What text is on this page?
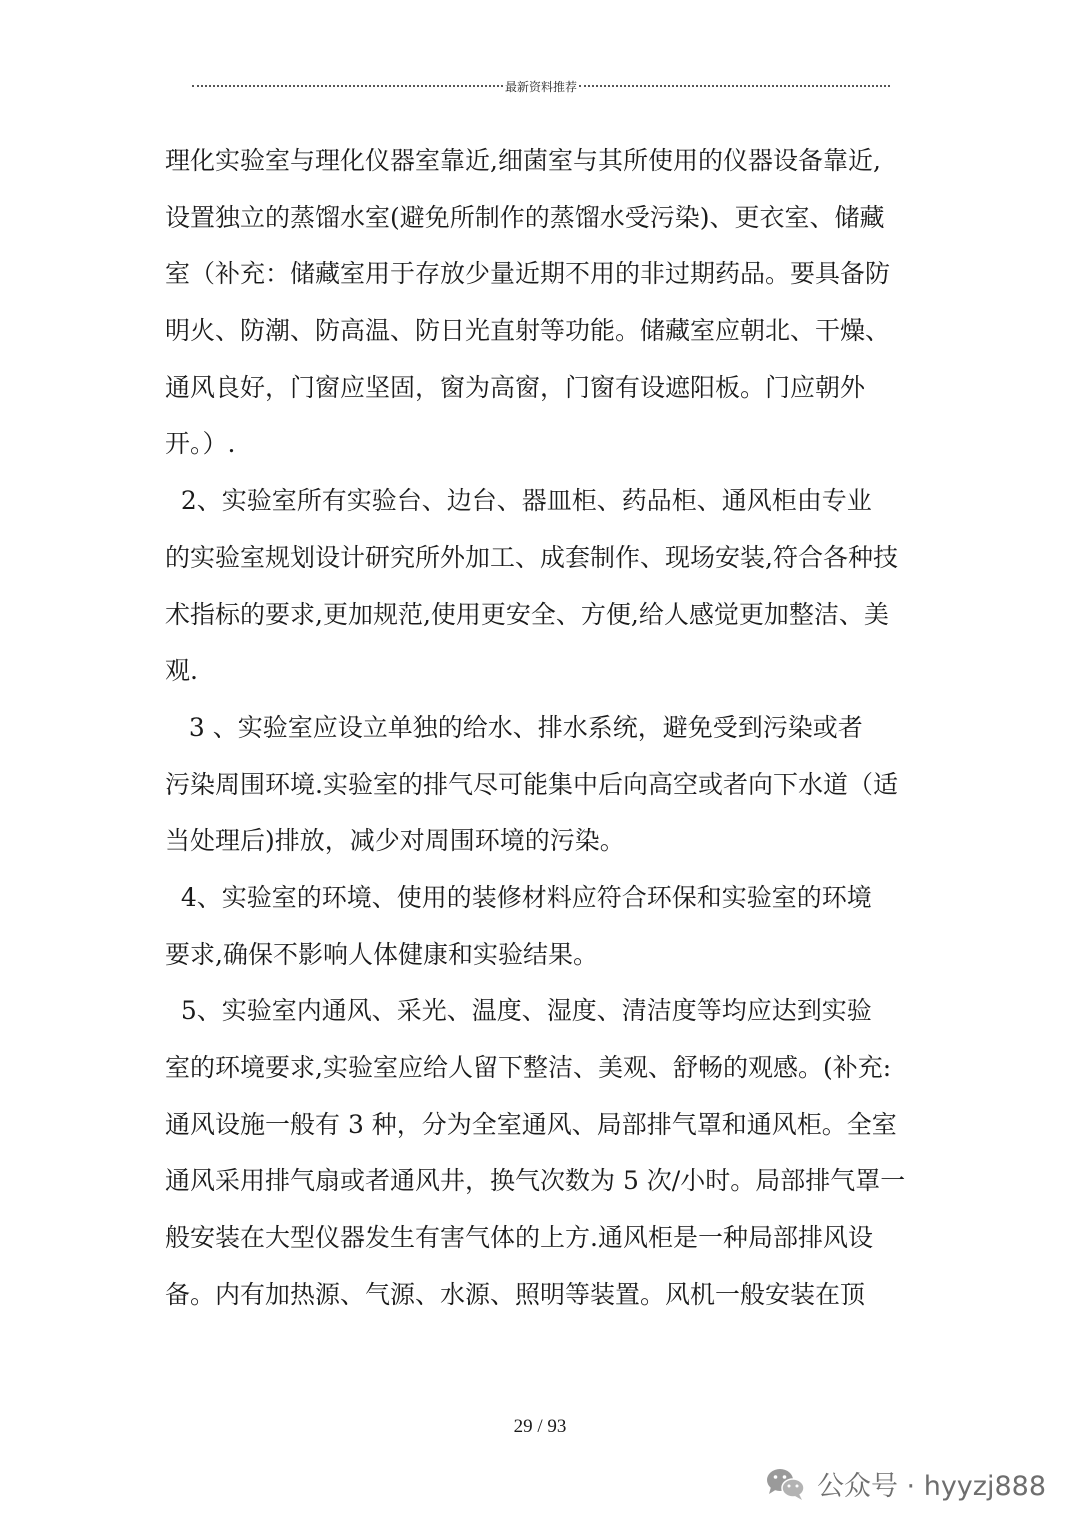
最新资料推荐
理化实验室与理化仪器室靠近,细菌室与其所使用的仪器设备靠近,
设置独立的蒸馏水室(避免所制作的蒸馏水受污染)、更衣室、储藏
室（补充：储藏室用于存放少量近期不用的非过期药品。要具备防
明火、防潮、防高温、防日光直射等功能。储藏室应朝北、干燥、
通风良好，门窗应坚固，窗为高窗，门窗有设遮阳板。门应朝外
开。）.
2、实验室所有实验台、边台、器皿柜、药品柜、通风柜由专业
的实验室规划设计研究所外加工、成套制作、现场安装,符合各种技
术指标的要求,更加规范,使用更安全、方便,给人感觉更加整洁、美
观.
3 、实验室应设立单独的给水、排水系统，避免受到污染或者
污染周围环境.实验室的排气尽可能集中后向高空或者向下水道（适
当处理后)排放，减少对周围环境的污染。
4、实验室的环境、使用的装修材料应符合环保和实验室的环境
要求,确保不影响人体健康和实验结果。
5、实验室内通风、采光、温度、湿度、清洁度等均应达到实验
室的环境要求,实验室应给人留下整洁、美观、舒畅的观感。(补充:
通风设施一般有 3 种，分为全室通风、局部排气罩和通风柜。全室
通风采用排气扇或者通风井，换气次数为 5 次/小时。局部排气罩一
般安装在大型仪器发生有害气体的上方.通风柜是一种局部排风设
备。内有加热源、气源、水源、照明等装置。风机一般安装在顶
29 / 93
公众号 · hyyzj888
